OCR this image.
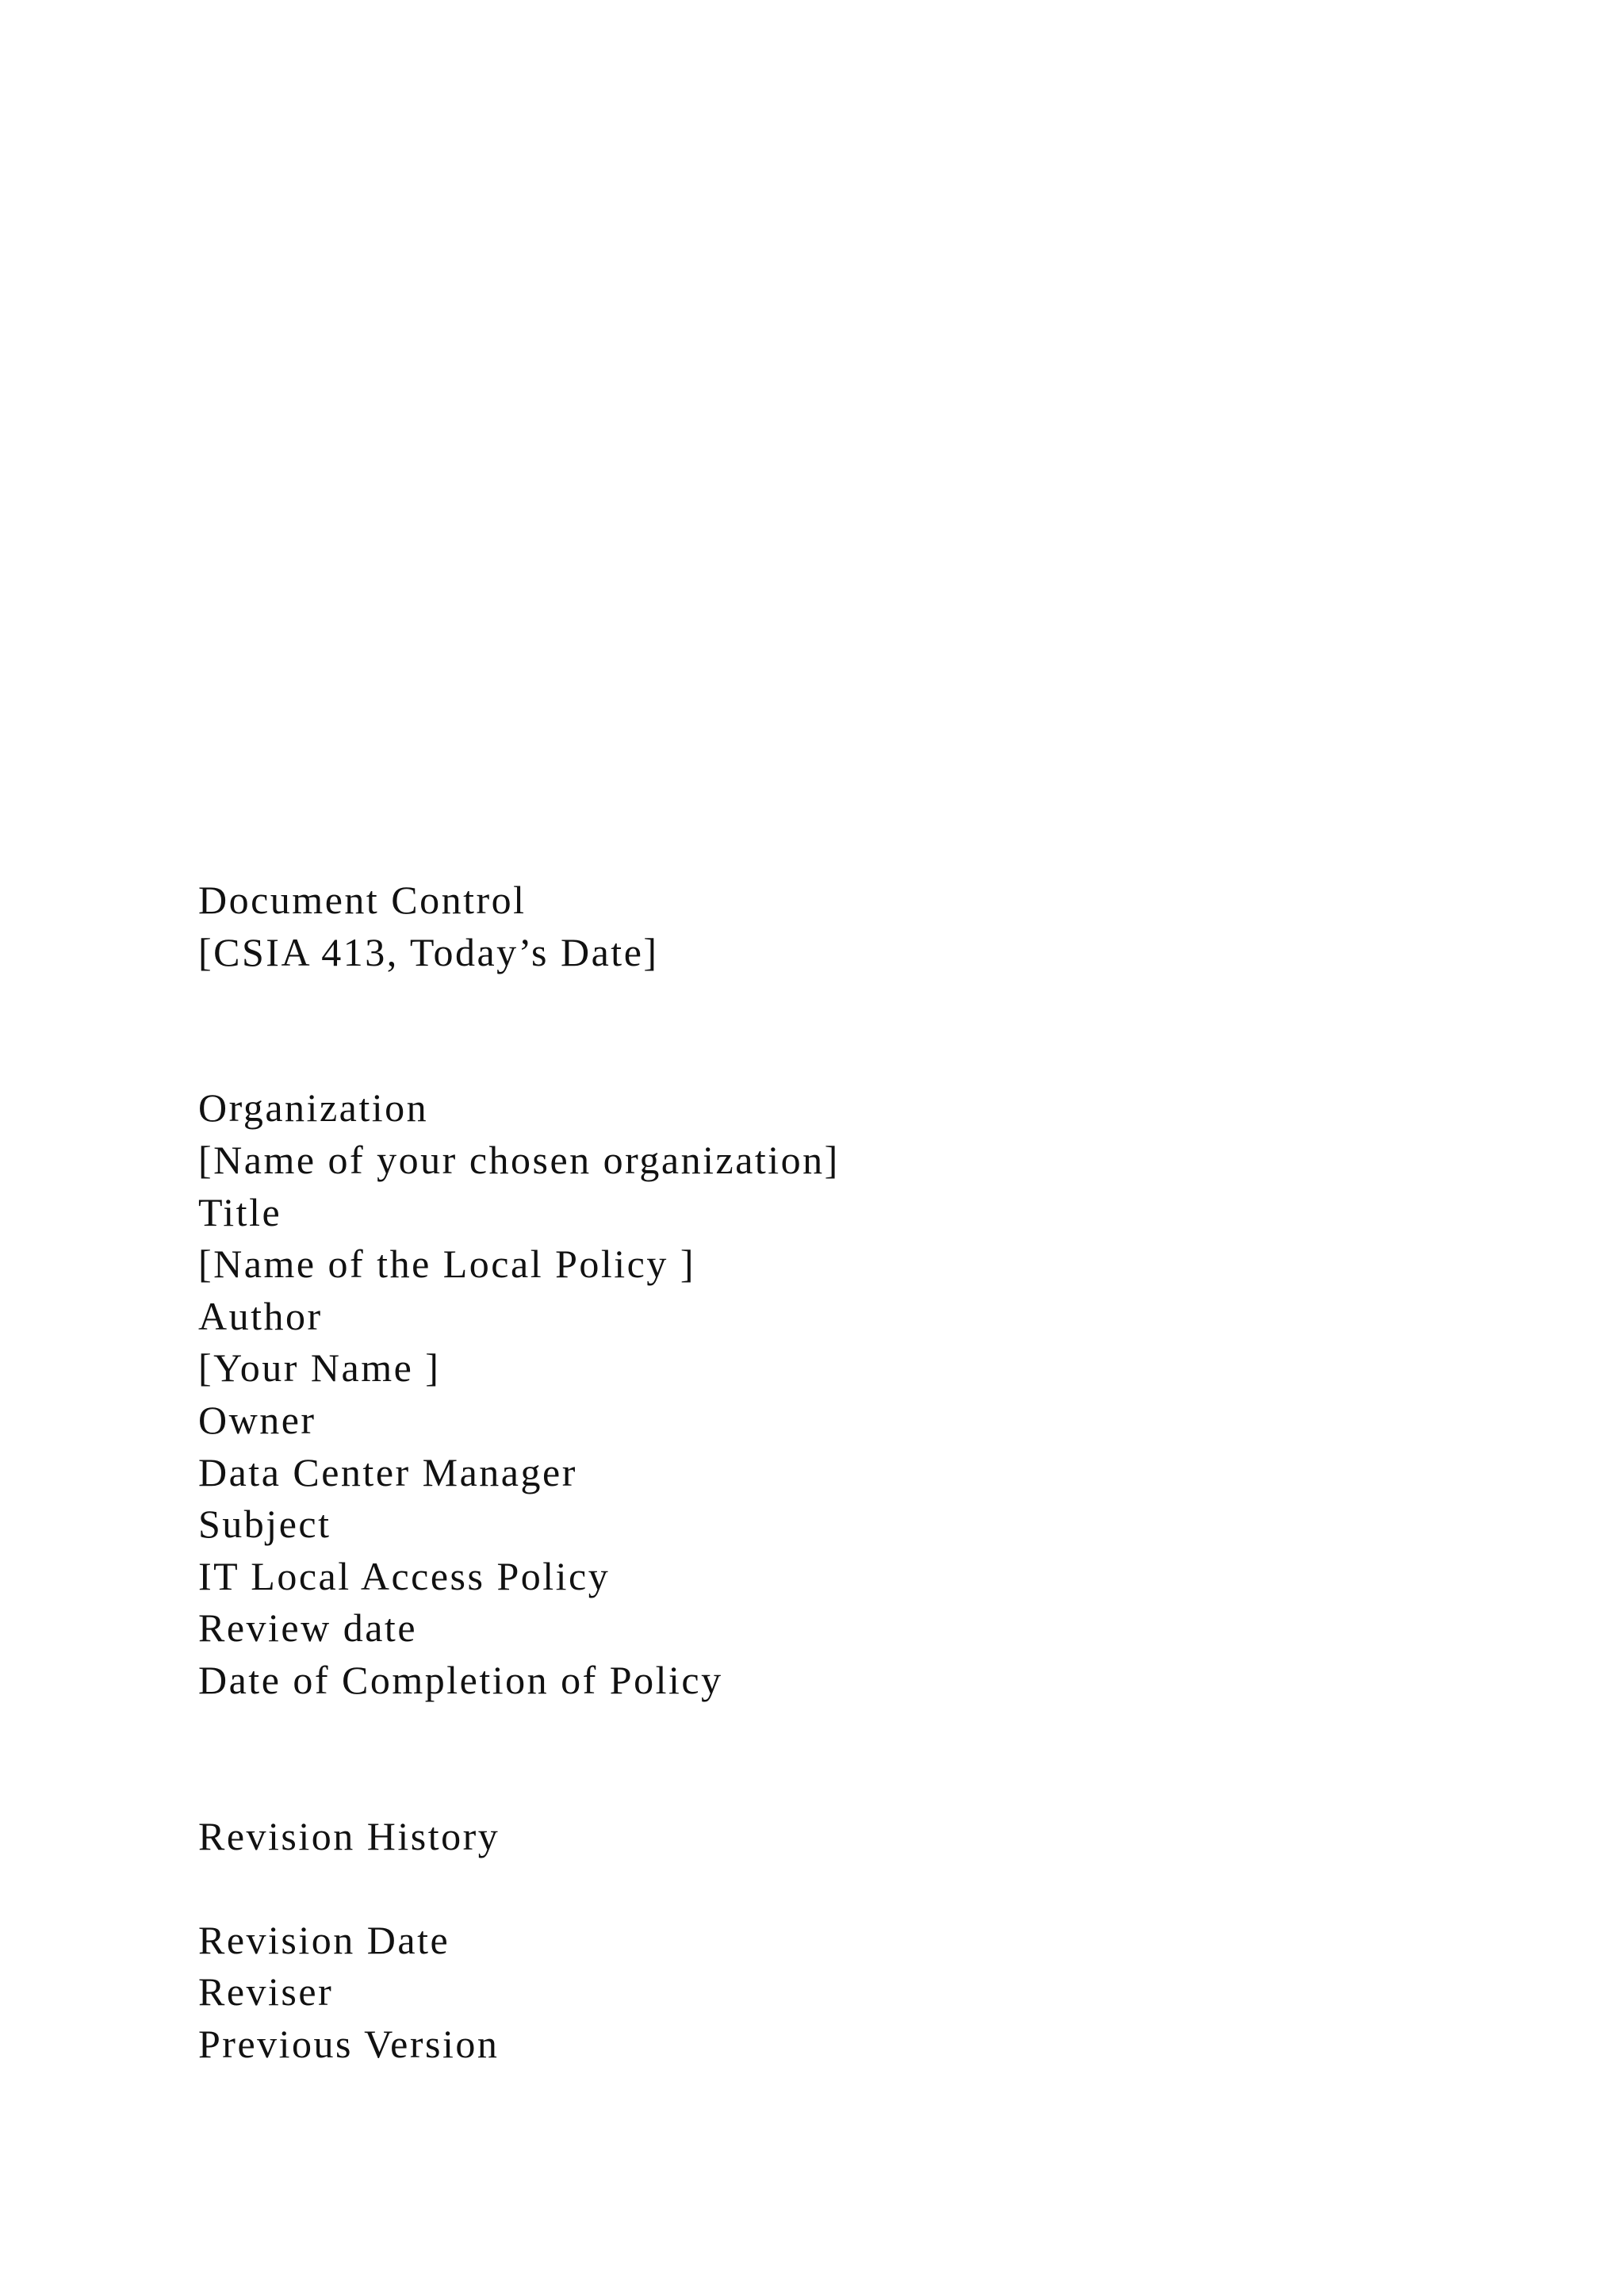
Document Control
[CSIA 413, Today’s Date]
Organization
[Name of your chosen organization]
Title
[Name of the Local Policy ]
Author
[Your Name ]
Owner
Data Center Manager
Subject
IT Local Access Policy
Review date
Date of Completion of Policy
Revision History
Revision Date
Reviser
Previous Version
